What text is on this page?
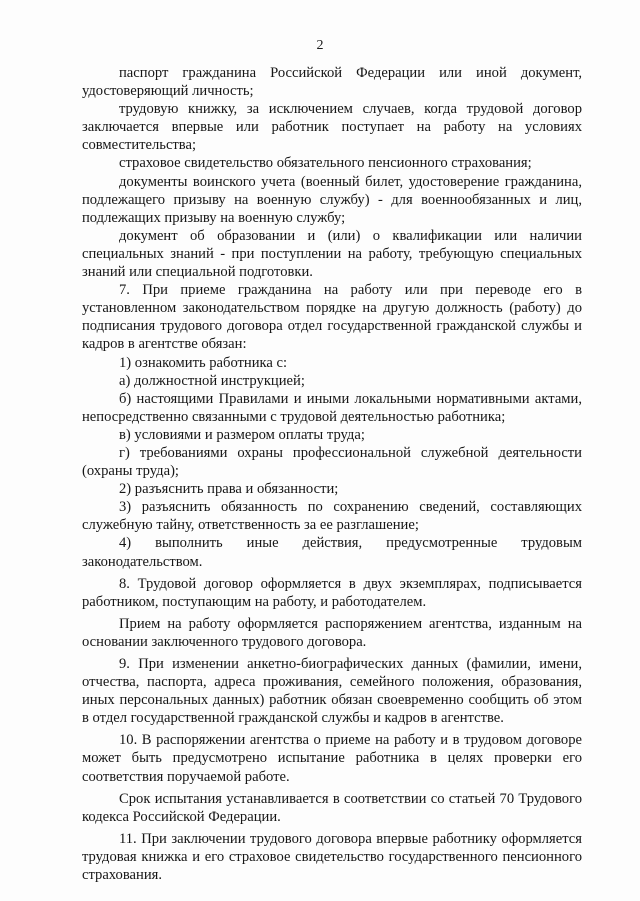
2

паспорт гражданина Российской Федерации или иной документ, удостоверяющий личность;

трудовую книжку, за исключением случаев, когда трудовой договор заключается впервые или работник поступает на работу на условиях совместительства;

страховое свидетельство обязательного пенсионного страхования;

документы воинского учета (военный билет, удостоверение гражданина, подлежащего призыву на военную службу) - для военнообязанных и лиц, подлежащих призыву на военную службу;

документ об образовании и (или) о квалификации или наличии специальных знаний - при поступлении на работу, требующую специальных знаний или специальной подготовки.

7. При приеме гражданина на работу или при переводе его в установленном законодательством порядке на другую должность (работу) до подписания трудового договора отдел государственной гражданской службы и кадров в агентстве обязан:

1) ознакомить работника с:

а) должностной инструкцией;

б) настоящими Правилами и иными локальными нормативными актами, непосредственно связанными с трудовой деятельностью работника;

в) условиями и размером оплаты труда;

г) требованиями охраны профессиональной служебной деятельности (охраны труда);

2) разъяснить права и обязанности;

3) разъяснить обязанность по сохранению сведений, составляющих служебную тайну, ответственность за ее разглашение;

4) выполнить иные действия, предусмотренные трудовым законодательством.

8. Трудовой договор оформляется в двух экземплярах, подписывается работником, поступающим на работу, и работодателем.

Прием на работу оформляется распоряжением агентства, изданным на основании заключенного трудового договора.

9. При изменении анкетно-биографических данных (фамилии, имени, отчества, паспорта, адреса проживания, семейного положения, образования, иных персональных данных) работник обязан своевременно сообщить об этом в отдел государственной гражданской службы и кадров в агентстве.

10. В распоряжении агентства о приеме на работу и в трудовом договоре может быть предусмотрено испытание работника в целях проверки его соответствия поручаемой работе.

Срок испытания устанавливается в соответствии со статьей 70 Трудового кодекса Российской Федерации.

11. При заключении трудового договора впервые работнику оформляется трудовая книжка и его страховое свидетельство государственного пенсионного страхования.
